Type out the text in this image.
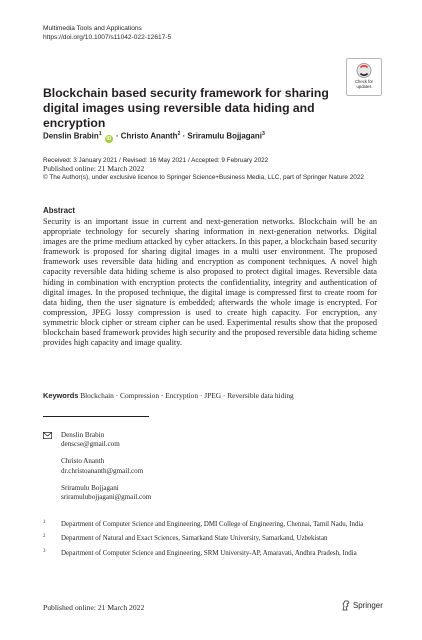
Multimedia Tools and Applications
https://doi.org/10.1007/s11042-022-12617-5
Check for
updates
Blockchain based security framework for sharing digital images using reversible data hiding and encryption
Denslin Brabin$^1$ iD · Christo Ananth$^2$ · Sriramulu Bojjagani$^3$
Received: 3 January 2021 / Revised: 16 May 2021 / Accepted: 9 February 2022
Published online: 21 March 2022
© The Author(s), under exclusive licence to Springer Science+Business Media, LLC, part of Springer Nature 2022
Abstract
Security is an important issue in current and next-generation networks. Blockchain will be an appropriate technology for securely sharing information in next-generation networks. Digital images are the prime medium attacked by cyber attackers. In this paper, a blockchain based security framework is proposed for sharing digital images in a multi user environment. The proposed framework uses reversible data hiding and encryption as component techniques. A novel high capacity reversible data hiding scheme is also proposed to protect digital images. Reversible data hiding in combination with encryption protects the confidentiality, integrity and authentication of digital images. In the proposed technique, the digital image is compressed first to create room for data hiding, then the user signature is embedded; afterwards the whole image is encrypted. For compression, JPEG lossy compression is used to create high capacity. For encryption, any symmetric block cipher or stream cipher can be used. Experimental results show that the proposed blockchain based framework provides high security and the proposed reversible data hiding scheme provides high capacity and image quality.
Keywords Blockchain · Compression · Encryption · JPEG · Reversible data hiding
Denslin Brabin
denscse@gmail.com
Christo Ananth
dr.christoananth@gmail.com
Sriramulu Bojjagani
sriramulubojjagani@gmail.com
1 Department of Computer Science and Engineering, DMI College of Engineering, Chennai, Tamil Nadu, India
2 Department of Natural and Exact Sciences, Samarkand State University, Samarkand, Uzbekistan
3 Department of Computer Science and Engineering, SRM University-AP, Amaravati, Andhra Pradesh, India
Published online: 21 March 2022	Springer
